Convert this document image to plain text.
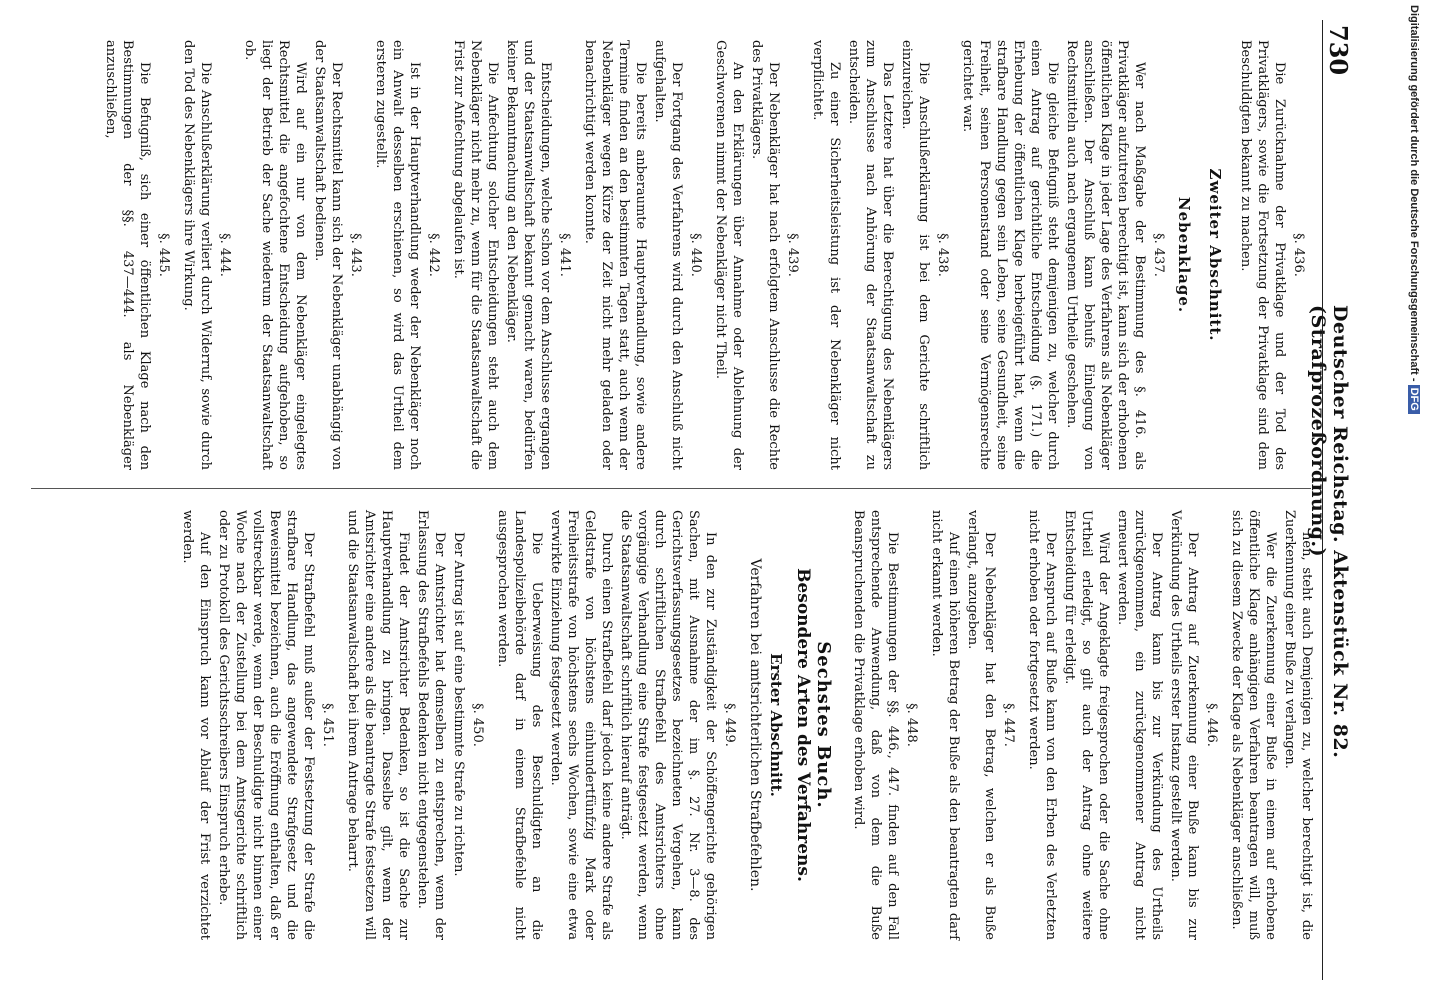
730
Deutscher Reichstag. Aktenstück Nr. 82. (Strafprozeßordnung.)
§. 436.
Die Zurücknahme der Privatklage und der Tod des Privatklägers, sowie die Fortsetzung der Privatklage sind dem Beschuldigten bekannt zu machen.
Zweiter Abschnitt.
Nebenklage.
§. 437.
Wer nach Maßgabe der Bestimmung des §. 416. als Privatkläger aufzutreten berechtigt ist, kann sich der erhobenen öffentlichen Klage in jeder Lage des Verfahrens als Nebenkläger anschließen. Der Anschluß kann behufs Einlegung von Rechtsmitteln auch nach ergangenem Urtheile geschehen.
Die gleiche Befugniß steht demjenigen zu, welcher durch einen Antrag auf gerichtliche Entscheidung (§. 171.) die Erhebung der öffentlichen Klage herbeigeführt hat, wenn die strafbare Handlung gegen sein Leben, seine Gesundheit, seine Freiheit, seinen Personenstand oder seine Vermögensrechte gerichtet war.
§. 438.
Die Anschlußerklärung ist bei dem Gerichte schriftlich einzureichen.
Das Letztere hat über die Berechtigung des Nebenklägers zum Anschlusse nach Anhörung der Staatsanwaltschaft zu entscheiden.
Zu einer Sicherheitsleistung ist der Nebenkläger nicht verpflichtet.
§. 439.
Der Nebenkläger hat nach erfolgtem Anschlusse die Rechte des Privatklägers.
An den Erklärungen über Annahme oder Ablehnung der Geschworenen nimmt der Nebenkläger nicht Theil.
§. 440.
Der Fortgang des Verfahrens wird durch den Anschluß nicht aufgehalten.
Die bereits anberaumte Hauptverhandlung, sowie andere Termine finden an den bestimmten Tagen statt, auch wenn der Nebenkläger wegen Kürze der Zeit nicht mehr geladen oder benachrichtigt werden konnte.
§. 441.
Entscheidungen, welche schon vor dem Anschlusse ergangen und der Staatsanwaltschaft bekannt gemacht waren, bedürfen keiner Bekanntmachung an den Nebenkläger.
Die Anfechtung solcher Entscheidungen steht auch dem Nebenkläger nicht mehr zu, wenn für die Staatsanwaltschaft die Frist zur Anfechtung abgelaufen ist.
§. 442.
Ist in der Hauptverhandlung weder der Nebenkläger noch ein Anwalt desselben erschienen, so wird das Urtheil dem ersteren zugestellt.
§. 443.
Der Rechtsmittel kann sich der Nebenkläger unabhängig von der Staatsanwaltschaft bedienen.
Wird auf ein nur von dem Nebenkläger eingelegtes Rechtsmittel die angefochtene Entscheidung aufgehoben, so liegt der Betrieb der Sache wiederum der Staatsanwaltschaft ob.
§. 444.
Die Anschlußerklärung verliert durch Widerruf, sowie durch den Tod des Nebenklägers ihre Wirkung.
§. 445.
Die Befugniß, sich einer öffentlichen Klage nach den Bestimmungen der §§. 437—444. als Nebenkläger anzuschließen,
hen, steht auch Demjenigen zu, welcher berechtigt ist, die Zuerkennung einer Buße zu verlangen.
Wer die Zuerkennung einer Buße in einem auf erhobene öffentliche Klage anhängigen Verfahren beantragen will, muß sich zu diesem Zwecke der Klage als Nebenkläger anschließen.
§. 446.
Der Antrag auf Zuerkennung einer Buße kann bis zur Verkündung des Urtheils erster Instanz gestellt werden.
Der Antrag kann bis zur Verkündung des Urtheils zurückgenommen, ein zurückgenommener Antrag nicht erneuert werden.
Wird der Angeklagte freigesprochen oder die Sache ohne Urtheil erledigt, so gilt auch der Antrag ohne weitere Entscheidung für erledigt.
Der Anspruch auf Buße kann von den Erben des Verletzten nicht erhoben oder fortgesetzt werden.
§. 447.
Der Nebenkläger hat den Betrag, welchen er als Buße verlangt, anzugeben.
Auf einen höheren Betrag der Buße als den beantragten darf nicht erkannt werden.
§. 448.
Die Bestimmungen der §§. 446., 447. finden auf den Fall entsprechende Anwendung, daß von dem die Buße Beanspruchenden die Privatklage erhoben wird.
Sechstes Buch.
Besondere Arten des Verfahrens.
Erster Abschnitt.
Verfahren bei amtsrichterlichen Strafbefehlen.
§. 449.
In den zur Zuständigkeit der Schöffengerichte gehörigen Sachen, mit Ausnahme der im §. 27. Nr. 3—8. des Gerichtsverfassungsgesetzes bezeichneten Vergehen, kann durch schriftlichen Strafbefehl des Amtsrichters ohne vorgängige Verhandlung eine Strafe festgesetzt werden, wenn die Staatsanwaltschaft schriftlich hierauf anträgt.
Durch einen Strafbefehl darf jedoch keine andere Strafe als Geldstrafe von höchstens einhundertfünfzig Mark oder Freiheitsstrafe von höchstens sechs Wochen, sowie eine etwa verwirkte Einziehung festgesetzt werden.
Die Ueberweisung des Beschuldigten an die Landespolizeibehörde darf in einem Strafbefehle nicht ausgesprochen werden.
§. 450.
Der Antrag ist auf eine bestimmte Strafe zu richten.
Der Amtsrichter hat demselben zu entsprechen, wenn der Erlassung des Strafbefehls Bedenken nicht entgegenstehen.
Findet der Amtsrichter Bedenken, so ist die Sache zur Hauptverhandlung zu bringen. Dasselbe gilt, wenn der Amtsrichter eine andere als die beantragte Strafe festsetzen will und die Staatsanwaltschaft bei ihrem Antrage beharrt.
§. 451.
Der Strafbefehl muß außer der Festsetzung der Strafe die strafbare Handlung, das angewendete Strafgesetz und die Beweismittel bezeichnen, auch die Eröffnung enthalten, daß er vollstreckbar werde, wenn der Beschuldigte nicht binnen einer Woche nach der Zustellung bei dem Amtsgerichte schriftlich oder zu Protokoll des Gerichtsschreibers Einspruch erhebe.
Auf den Einspruch kann vor Ablauf der Frist verzichtet werden.
Digitalisierung gefördert durch die Deutsche Forschungsgemeinschaft - DFG
